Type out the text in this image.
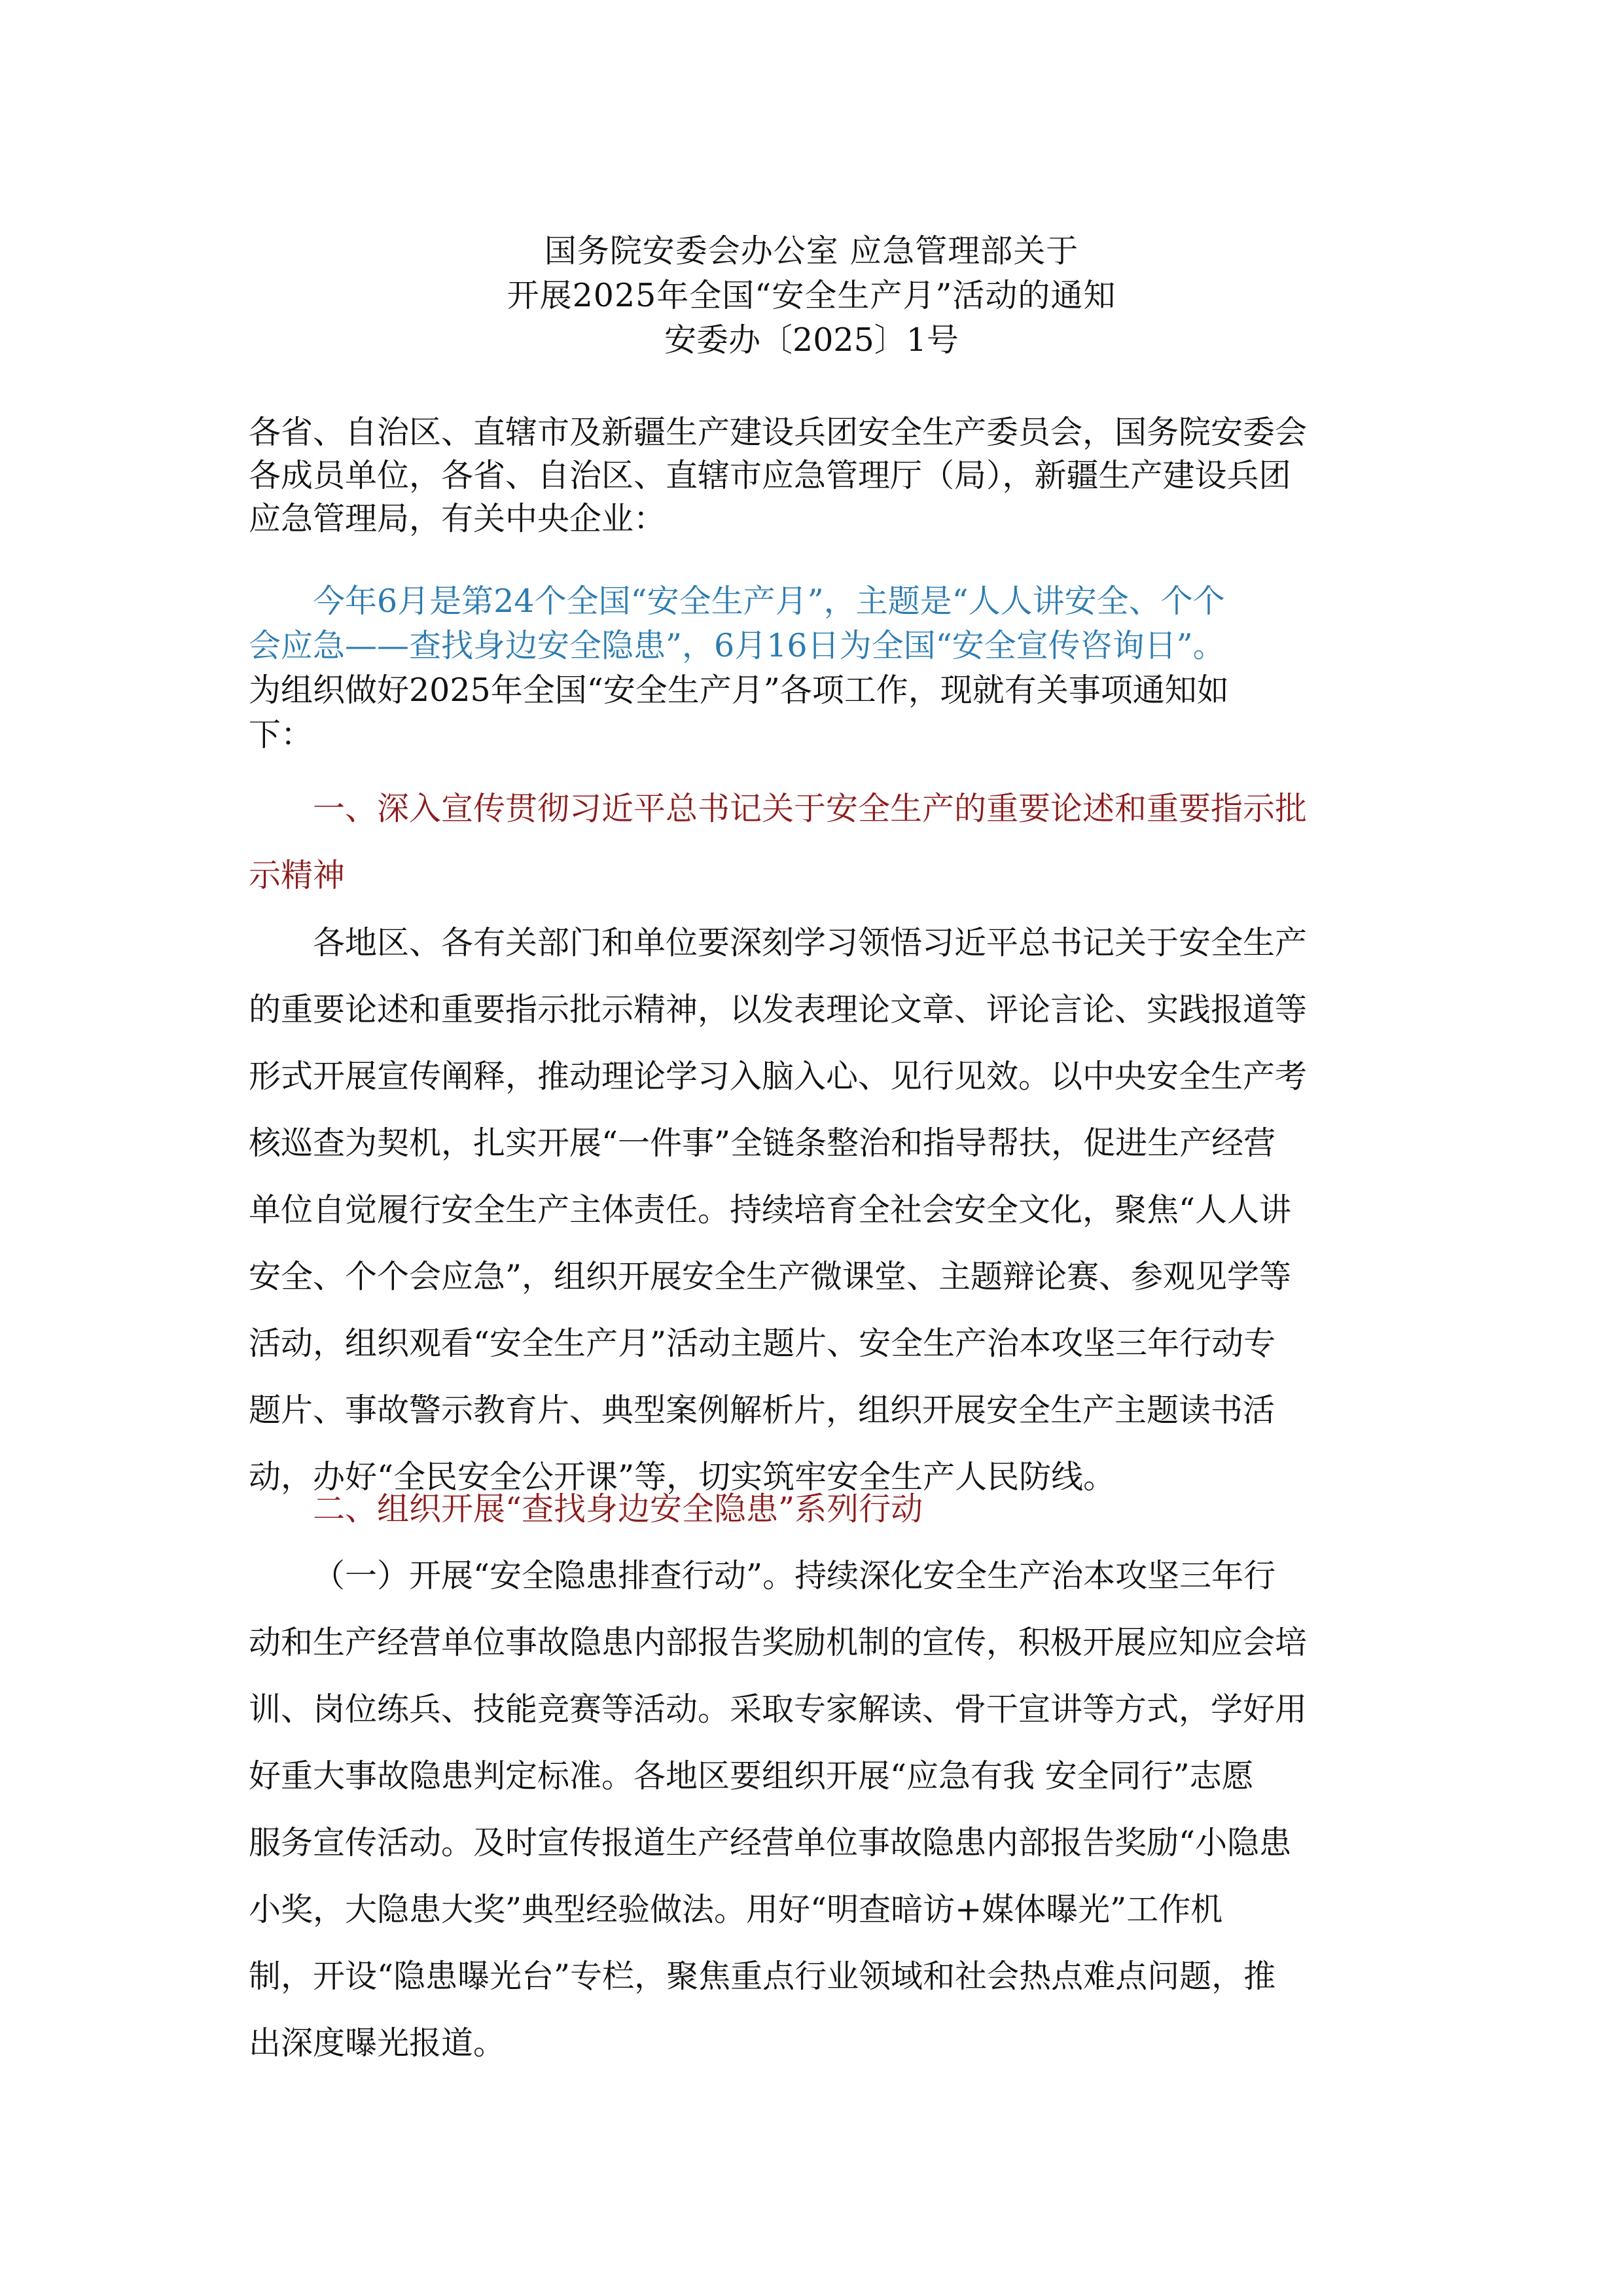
国务院安委会办公室 应急管理部关于
开展2025年全国“安全生产月”活动的通知
安委办〔2025〕1号
各省、自治区、直辖市及新疆生产建设兵团安全生产委员会，国务院安委会
各成员单位，各省、自治区、直辖市应急管理厅（局），新疆生产建设兵团
应急管理局，有关中央企业：
今年6月是第24个全国“安全生产月”，主题是“人人讲安全、个个
会应急——查找身边安全隐患”，6月16日为全国“安全宣传咨询日”。
为组织做好2025年全国“安全生产月”各项工作，现就有关事项通知如
下：
一、深入宣传贯彻习近平总书记关于安全生产的重要论述和重要指示批
示精神
各地区、各有关部门和单位要深刻学习领悟习近平总书记关于安全生产
的重要论述和重要指示批示精神，以发表理论文章、评论言论、实践报道等
形式开展宣传阐释，推动理论学习入脑入心、见行见效。以中央安全生产考
核巡查为契机，扎实开展“一件事”全链条整治和指导帮扶，促进生产经营
单位自觉履行安全生产主体责任。持续培育全社会安全文化，聚焦“人人讲
安全、个个会应急”，组织开展安全生产微课堂、主题辩论赛、参观见学等
活动，组织观看“安全生产月”活动主题片、安全生产治本攻坚三年行动专
题片、事故警示教育片、典型案例解析片，组织开展安全生产主题读书活
动，办好“全民安全公开课”等，切实筑牢安全生产人民防线。
二、组织开展“查找身边安全隐患”系列行动
（一）开展“安全隐患排查行动”。持续深化安全生产治本攻坚三年行
动和生产经营单位事故隐患内部报告奖励机制的宣传，积极开展应知应会培
训、岗位练兵、技能竞赛等活动。采取专家解读、骨干宣讲等方式，学好用
好重大事故隐患判定标准。各地区要组织开展“应急有我 安全同行”志愿
服务宣传活动。及时宣传报道生产经营单位事故隐患内部报告奖励“小隐患
小奖，大隐患大奖”典型经验做法。用好“明查暗访+媒体曝光”工作机
制，开设“隐患曝光台”专栏，聚焦重点行业领域和社会热点难点问题，推
出深度曝光报道。
